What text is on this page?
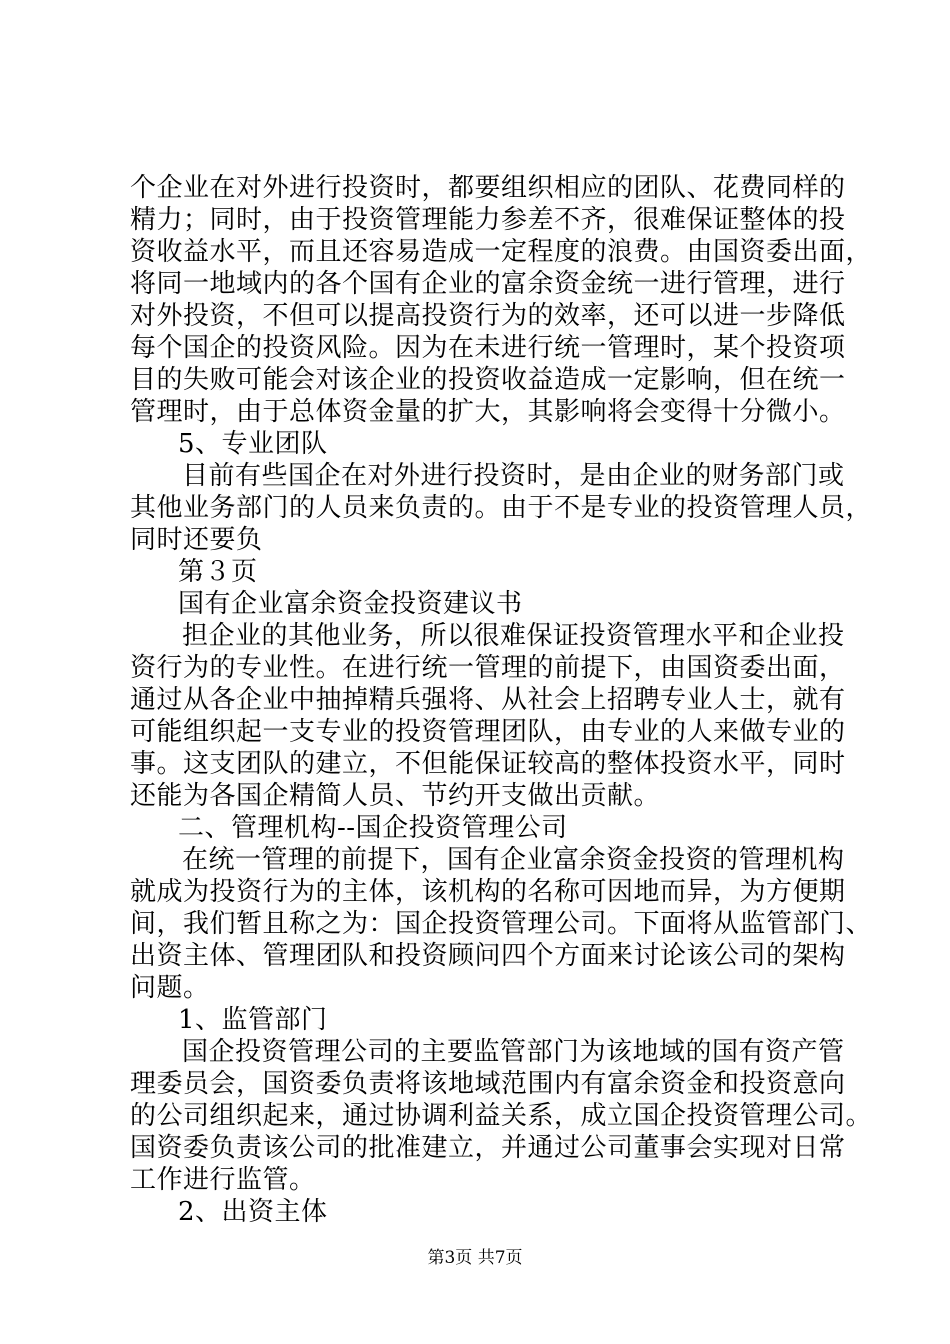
个企业在对外进行投资时，都要组织相应的团队、花费同样的
精力；同时，由于投资管理能力参差不齐，很难保证整体的投
资收益水平，而且还容易造成一定程度的浪费。由国资委出面，
将同一地域内的各个国有企业的富余资金统一进行管理，进行
对外投资，不但可以提高投资行为的效率，还可以进一步降低
每个国企的投资风险。因为在未进行统一管理时，某个投资项
目的失败可能会对该企业的投资收益造成一定影响，但在统一
管理时，由于总体资金量的扩大，其影响将会变得十分微小。
5、专业团队
目前有些国企在对外进行投资时，是由企业的财务部门或
其他业务部门的人员来负责的。由于不是专业的投资管理人员，
同时还要负
第３页
国有企业富余资金投资建议书
担企业的其他业务，所以很难保证投资管理水平和企业投
资行为的专业性。在进行统一管理的前提下，由国资委出面，
通过从各企业中抽掉精兵强将、从社会上招聘专业人士，就有
可能组织起一支专业的投资管理团队，由专业的人来做专业的
事。这支团队的建立，不但能保证较高的整体投资水平，同时
还能为各国企精简人员、节约开支做出贡献。
二、管理机构--国企投资管理公司
在统一管理的前提下，国有企业富余资金投资的管理机构
就成为投资行为的主体，该机构的名称可因地而异，为方便期
间，我们暂且称之为：国企投资管理公司。下面将从监管部门、
出资主体、管理团队和投资顾问四个方面来讨论该公司的架构
问题。
1、监管部门
国企投资管理公司的主要监管部门为该地域的国有资产管
理委员会，国资委负责将该地域范围内有富余资金和投资意向
的公司组织起来，通过协调利益关系，成立国企投资管理公司。
国资委负责该公司的批准建立，并通过公司董事会实现对日常
工作进行监管。
2、出资主体
第3页 共7页
